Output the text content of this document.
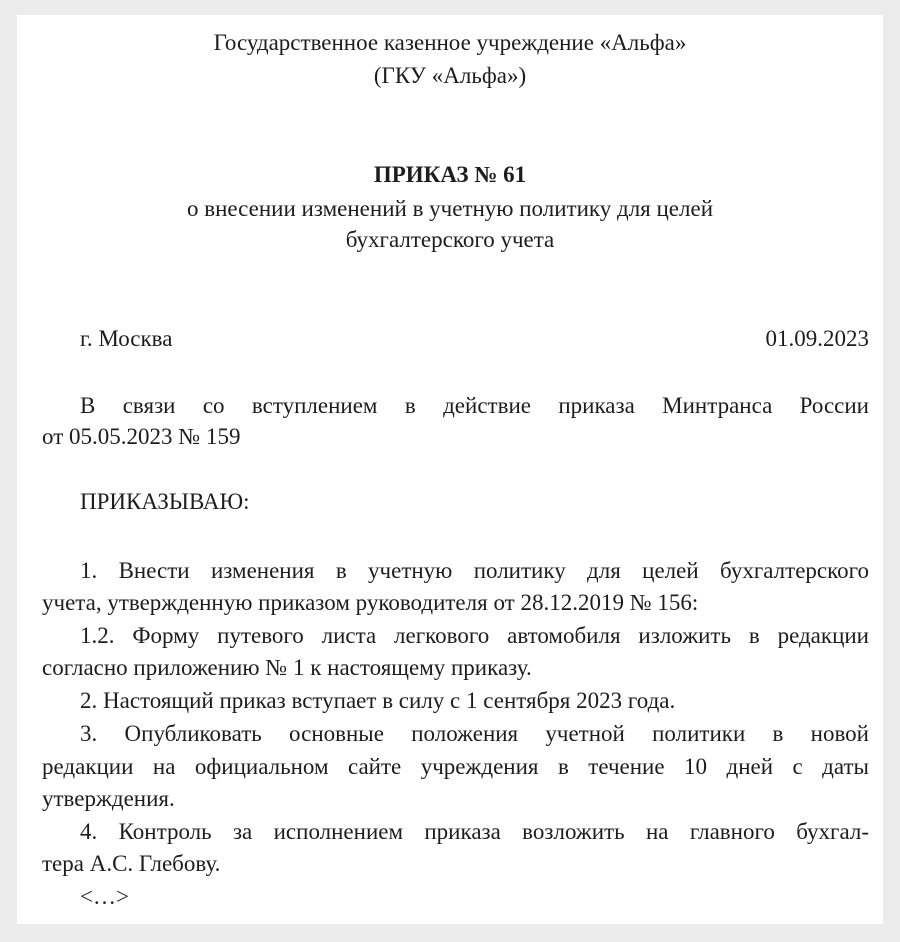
Государственное казенное учреждение «Альфа»
(ГКУ «Альфа»)
ПРИКАЗ № 61
о внесении изменений в учетную политику для целей
бухгалтерского учета
г. Москва	01.09.2023
В связи со вступлением в действие приказа Минтранса России
от 05.05.2023 № 159
ПРИКАЗЫВАЮ:
1. Внести изменения в учетную политику для целей бухгалтерского
учета, утвержденную приказом руководителя от 28.12.2019 № 156:
1.2. Форму путевого листа легкового автомобиля изложить в редакции
согласно приложению № 1 к настоящему приказу.
2. Настоящий приказ вступает в силу с 1 сентября 2023 года.
3. Опубликовать основные положения учетной политики в новой
редакции на официальном сайте учреждения в течение 10 дней с даты
утверждения.
4. Контроль за исполнением приказа возложить на главного бухгал-
тера А.С. Глебову.
<…>
